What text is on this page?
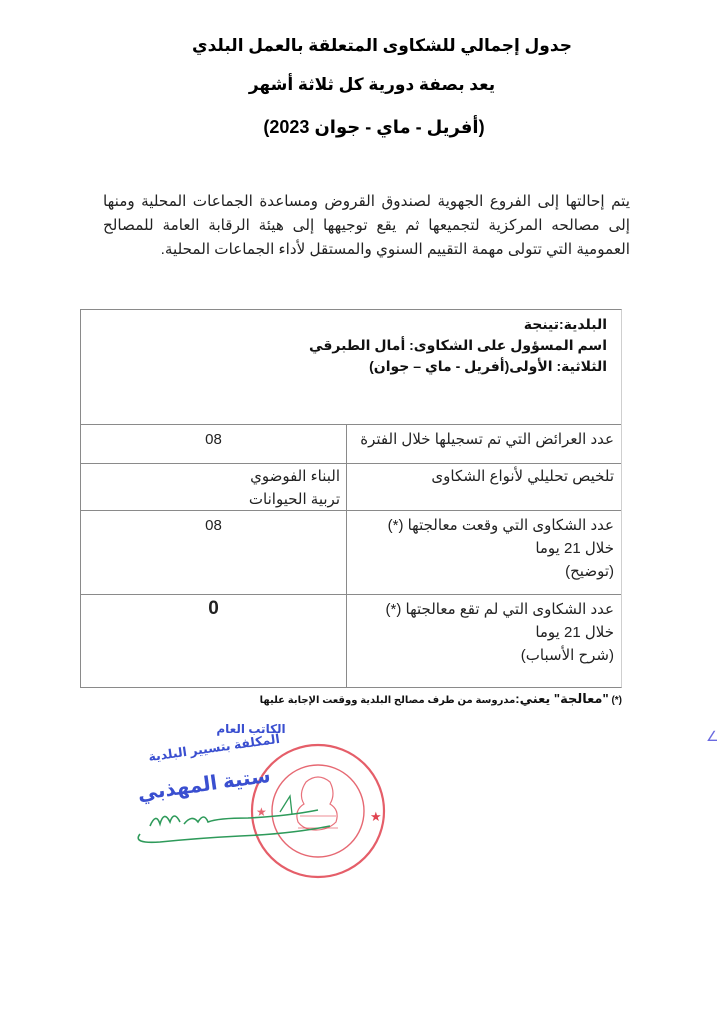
جدول إجمالي للشكاوى المتعلقة بالعمل البلدي
يعد بصفة دورية كل ثلاثة أشهر
(أفريل - ماي - جوان 2023)
يتم إحالتها إلى الفروع الجهوية لصندوق القروض ومساعدة الجماعات المحلية ومنها إلى مصالحه المركزية لتجميعها ثم يقع توجيهها إلى هيئة الرقابة العامة للمصالح العمومية التي تتولى مهمة التقييم السنوي والمستقل لأداء الجماعات المحلية.
البلدية:تينجة
اسم المسؤول على الشكاوى: أمال الطبرقي
الثلاثية: الأولى(أفريل - ماي – جوان)
عدد العرائض التي تم تسجيلها خلال الفترة
08
تلخيص تحليلي لأنواع الشكاوى
البناء الفوضوي
تربية الحيوانات
عدد الشكاوى التي وقعت معالجتها (*)
خلال 21 يوما
(توضيح)
08
عدد الشكاوى التي لم تقع معالجتها (*)
خلال 21 يوما
(شرح الأسباب)
0
(*) "معالجة" يعني:مدروسة من طرف مصالح البلدية ووقعت الإجابة عليها
★	★
الكاتب العام
المكلفة بتسيير البلدية
ستية المهذبي
∠
